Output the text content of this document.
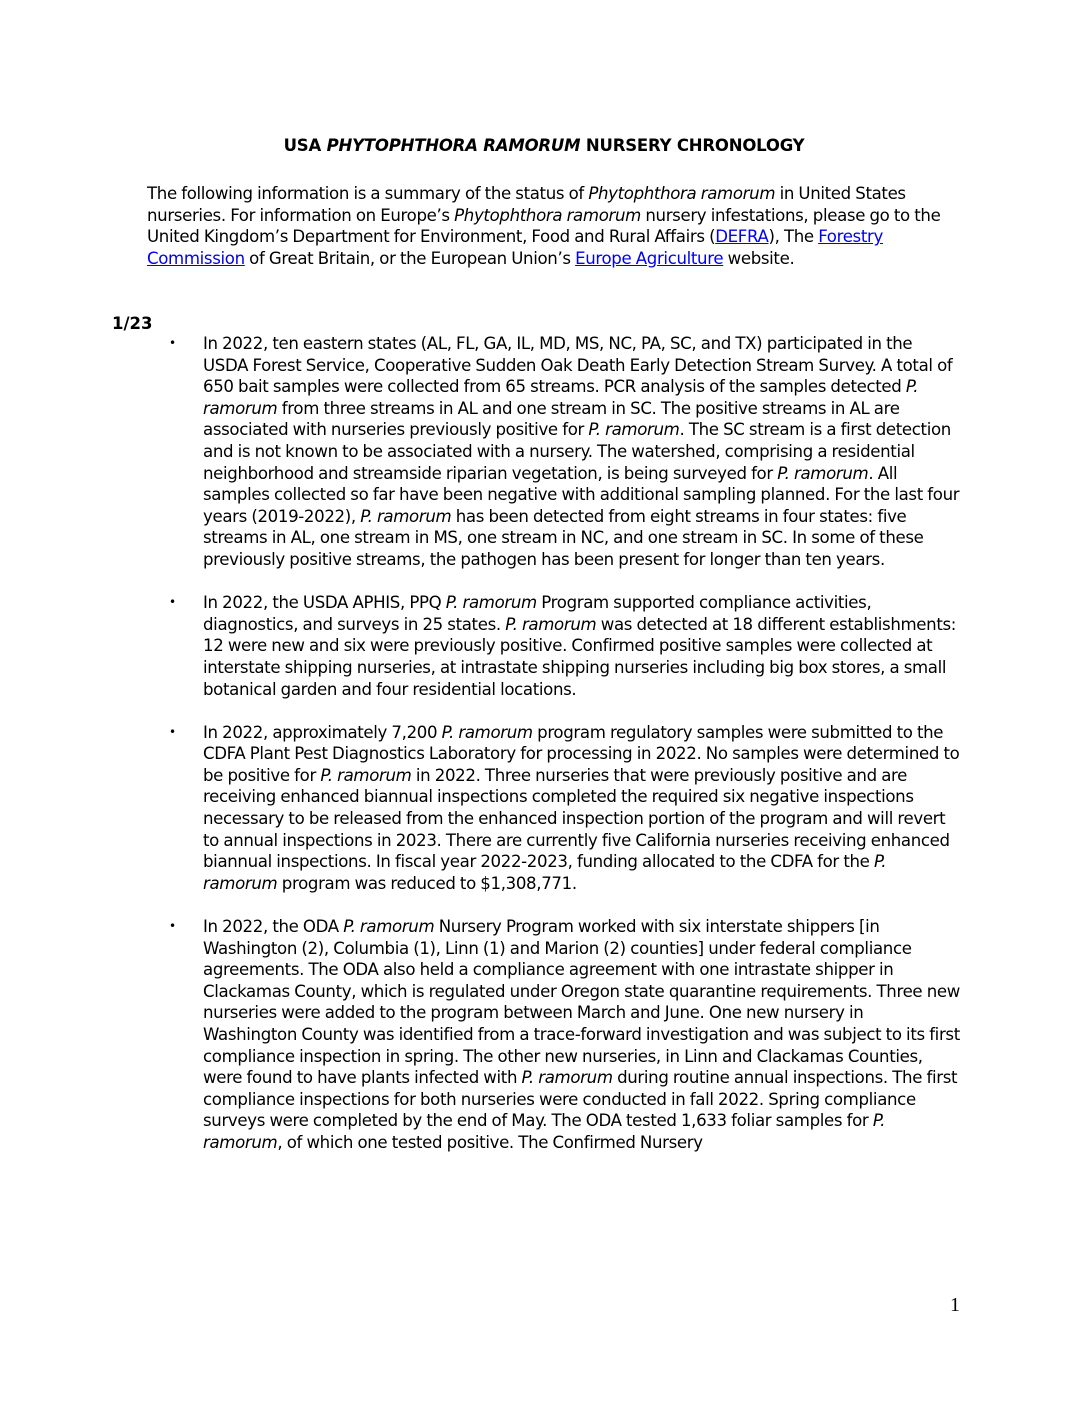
USA PHYTOPHTHORA RAMORUM NURSERY CHRONOLOGY
The following information is a summary of the status of Phytophthora ramorum in United States nurseries. For information on Europe’s Phytophthora ramorum nursery infestations, please go to the United Kingdom’s Department for Environment, Food and Rural Affairs (DEFRA), The Forestry Commission of Great Britain, or the European Union’s Europe Agriculture website.
1/23
• In 2022, ten eastern states (AL, FL, GA, IL, MD, MS, NC, PA, SC, and TX) participated in the USDA Forest Service, Cooperative Sudden Oak Death Early Detection Stream Survey. A total of 650 bait samples were collected from 65 streams. PCR analysis of the samples detected P. ramorum from three streams in AL and one stream in SC. The positive streams in AL are associated with nurseries previously positive for P. ramorum. The SC stream is a first detection and is not known to be associated with a nursery. The watershed, comprising a residential neighborhood and streamside riparian vegetation, is being surveyed for P. ramorum. All samples collected so far have been negative with additional sampling planned. For the last four years (2019-2022), P. ramorum has been detected from eight streams in four states: five streams in AL, one stream in MS, one stream in NC, and one stream in SC. In some of these previously positive streams, the pathogen has been present for longer than ten years.
• In 2022, the USDA APHIS, PPQ P. ramorum Program supported compliance activities, diagnostics, and surveys in 25 states. P. ramorum was detected at 18 different establishments: 12 were new and six were previously positive. Confirmed positive samples were collected at interstate shipping nurseries, at intrastate shipping nurseries including big box stores, a small botanical garden and four residential locations.
• In 2022, approximately 7,200 P. ramorum program regulatory samples were submitted to the CDFA Plant Pest Diagnostics Laboratory for processing in 2022. No samples were determined to be positive for P. ramorum in 2022. Three nurseries that were previously positive and are receiving enhanced biannual inspections completed the required six negative inspections necessary to be released from the enhanced inspection portion of the program and will revert to annual inspections in 2023. There are currently five California nurseries receiving enhanced biannual inspections. In fiscal year 2022-2023, funding allocated to the CDFA for the P. ramorum program was reduced to $1,308,771.
• In 2022, the ODA P. ramorum Nursery Program worked with six interstate shippers [in Washington (2), Columbia (1), Linn (1) and Marion (2) counties] under federal compliance agreements. The ODA also held a compliance agreement with one intrastate shipper in Clackamas County, which is regulated under Oregon state quarantine requirements. Three new nurseries were added to the program between March and June. One new nursery in Washington County was identified from a trace-forward investigation and was subject to its first compliance inspection in spring. The other new nurseries, in Linn and Clackamas Counties, were found to have plants infected with P. ramorum during routine annual inspections. The first compliance inspections for both nurseries were conducted in fall 2022. Spring compliance surveys were completed by the end of May. The ODA tested 1,633 foliar samples for P. ramorum, of which one tested positive. The Confirmed Nursery
1
